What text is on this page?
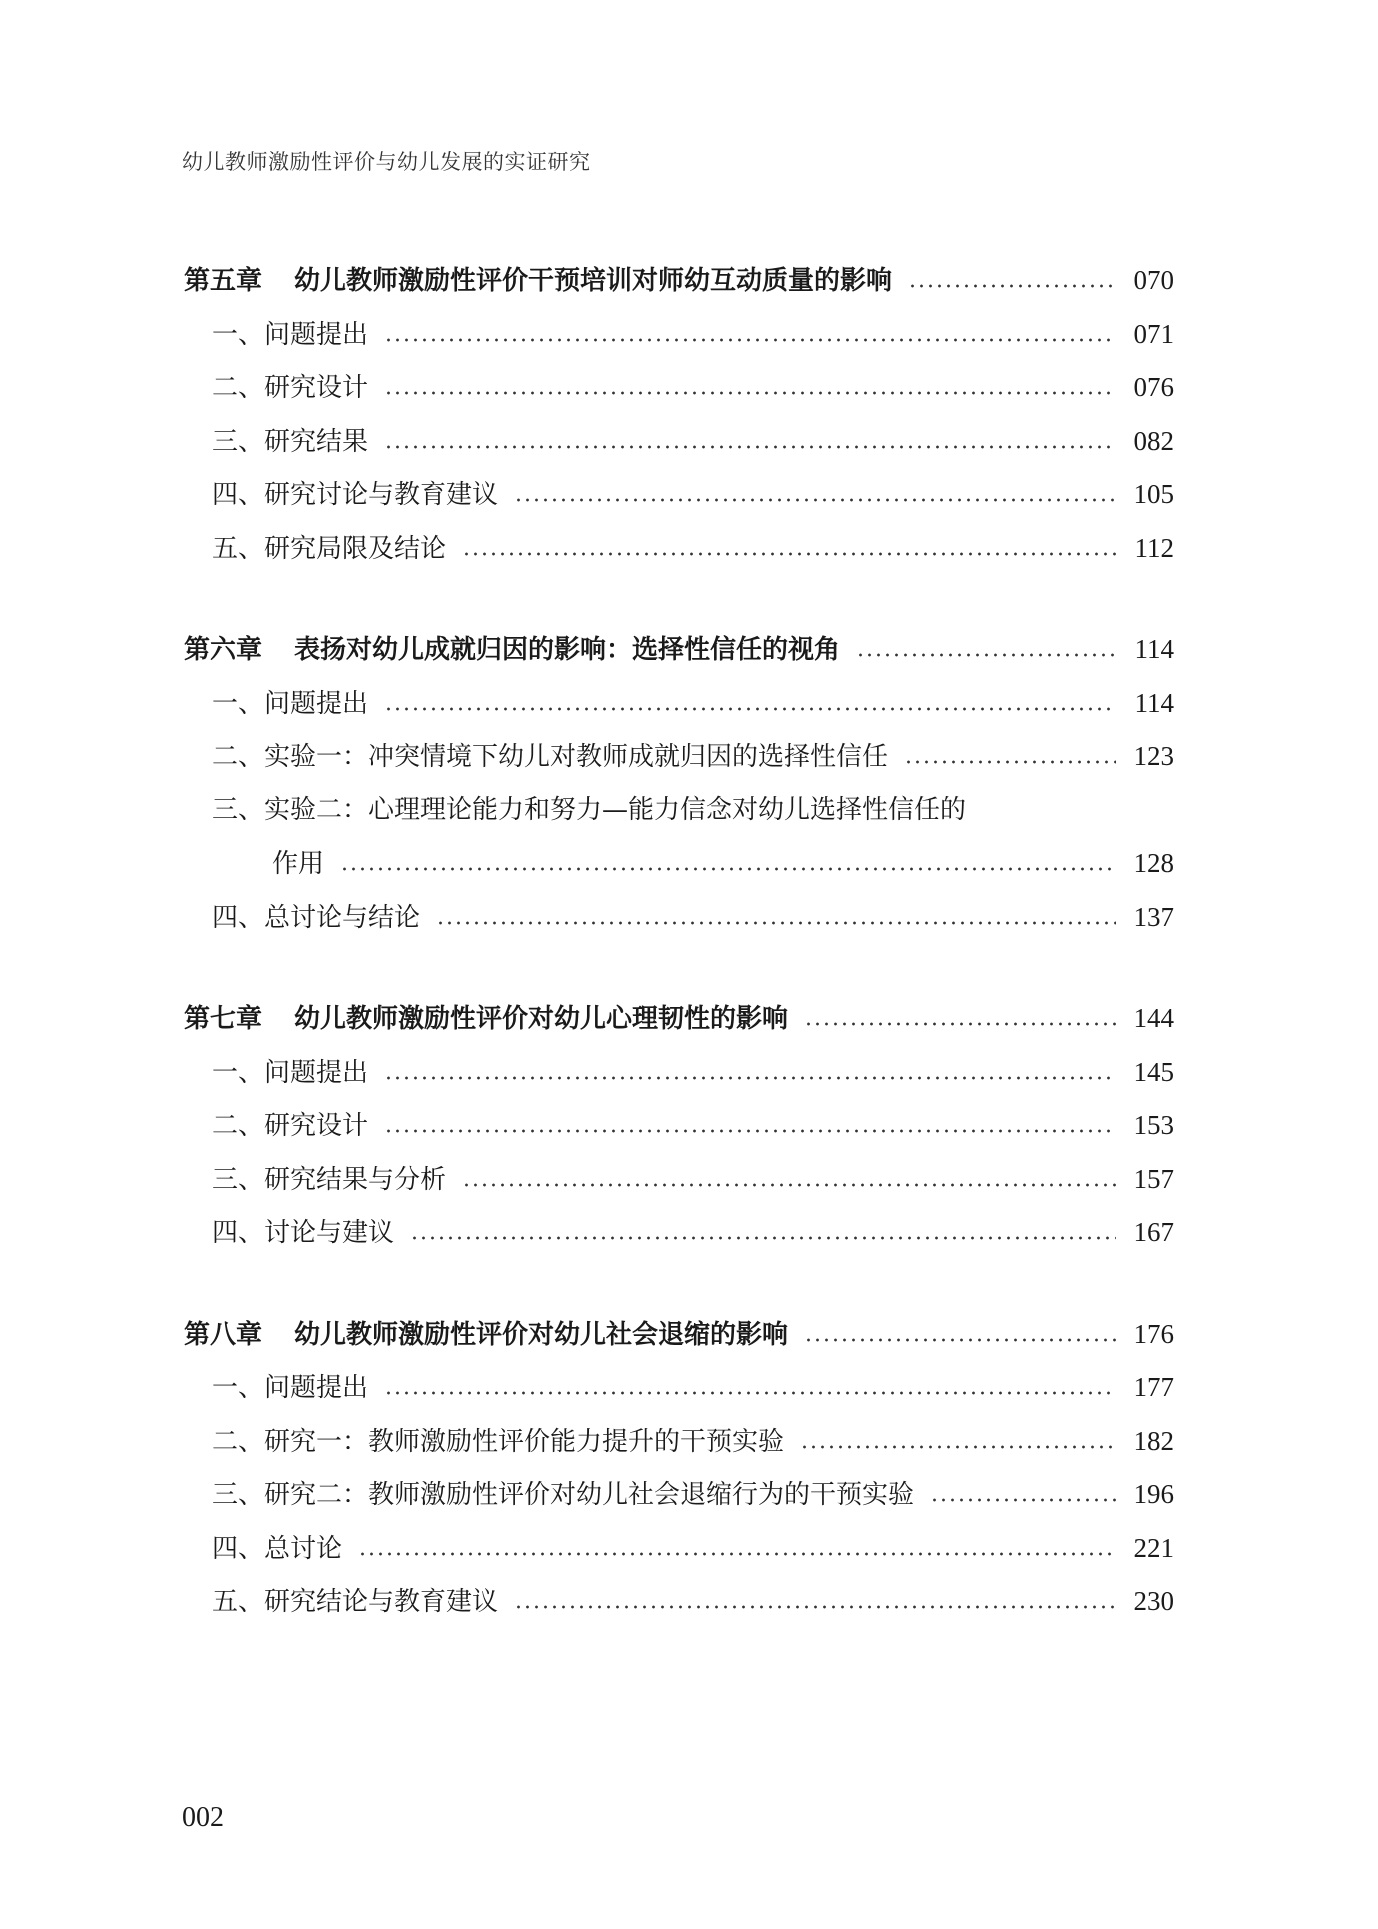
幼儿教师激励性评价与幼儿发展的实证研究
第五章 幼儿教师激励性评价干预培训对师幼互动质量的影响	070
一、 问题提出	071
二、 研究设计	076
三、 研究结果	082
四、 研究讨论与教育建议	105
五、 研究局限及结论	112
第六章 表扬对幼儿成就归因的影响：选择性信任的视角	114
一、 问题提出	114
二、 实验一：冲突情境下幼儿对教师成就归因的选择性信任	123
三、 实验二：心理理论能力和努力—能力信念对幼儿选择性信任的
作用	128
四、 总讨论与结论	137
第七章 幼儿教师激励性评价对幼儿心理韧性的影响	144
一、 问题提出	145
二、 研究设计	153
三、 研究结果与分析	157
四、 讨论与建议	167
第八章 幼儿教师激励性评价对幼儿社会退缩的影响	176
一、 问题提出	177
二、 研究一：教师激励性评价能力提升的干预实验	182
三、 研究二：教师激励性评价对幼儿社会退缩行为的干预实验	196
四、 总讨论	221
五、 研究结论与教育建议	230
002
